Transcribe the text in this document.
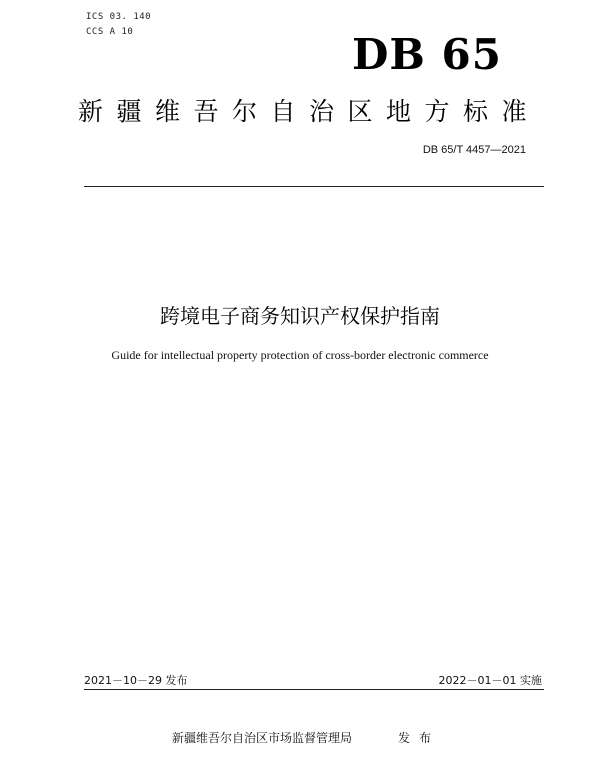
ICS 03. 140
CCS A 10	DB 65
新疆维吾尔自治区地方标准
DB 65/T 4457—2021
跨境电子商务知识产权保护指南
Guide for intellectual property protection of cross-border electronic commerce
2021－10－29 发布	2022－01－01 实施
新疆维吾尔自治区市场监督管理局	发布
